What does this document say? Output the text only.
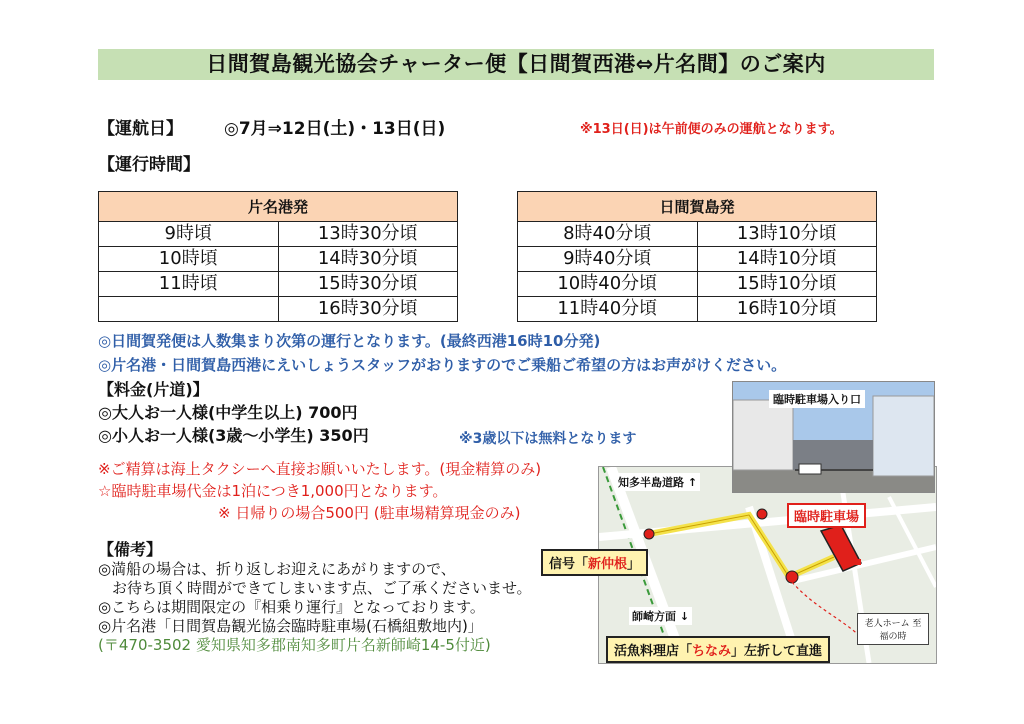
日間賀島観光協会チャーター便【日間賀西港⇔片名間】のご案内
【運航日】 ◎7月⇒12日(土)・13日(日)	※13日(日)は午前便のみの運航となります。
【運行時間】
片名港発	
9時頃	13時30分頃
10時頃	14時30分頃
11時頃	15時30分頃
	16時30分頃
日間賀島発	
8時40分頃	13時10分頃
9時40分頃	14時10分頃
10時40分頃	15時10分頃
11時40分頃	16時10分頃
◎日間賀発便は人数集まり次第の運行となります。(最終西港16時10分発)
◎片名港・日間賀島西港にえいしょうスタッフがおりますのでご乗船ご希望の方はお声がけください。
【料金(片道)】
◎大人お一人様(中学生以上) 700円
◎小人お一人様(3歳～小学生) 350円	※3歳以下は無料となります
※ご精算は海上タクシーへ直接お願いいたします。(現金精算のみ)
☆臨時駐車場代金は1泊につき1,000円となります。
※ 日帰りの場合500円 (駐車場精算現金のみ)
【備考】
◎満船の場合は、折り返しお迎えにあがりますので、
お待ち頂く時間ができてしまいます点、ご了承くださいませ。
◎こちらは期間限定の『相乗り運行』となっております。
◎片名港「日間賀島観光協会臨時駐車場(石橋組敷地内)」
(〒470-3502 愛知県知多郡南知多町片名新師崎14-5付近)
知多半島道路 ↑
師崎方面 ↓
臨時駐車場
老人ホーム 至福の時
信号「新仲根」
活魚料理店「ちなみ」左折して直進
臨時駐車場入り口
